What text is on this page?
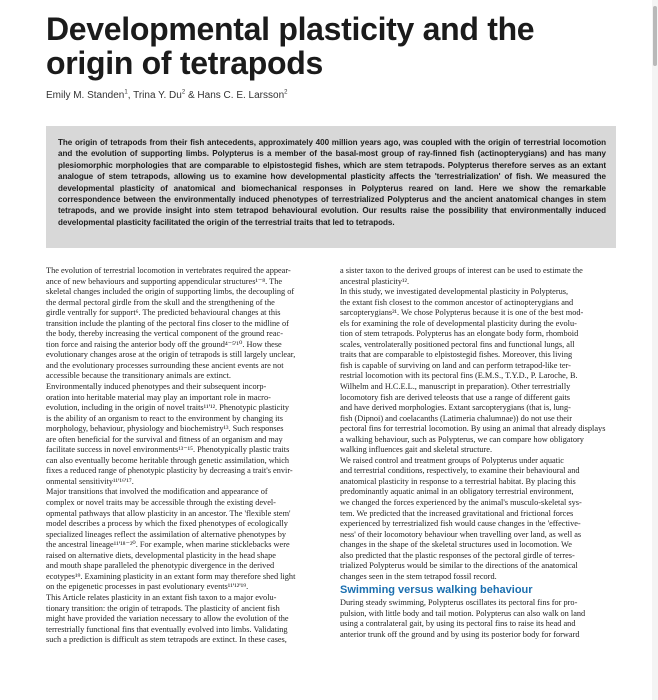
Developmental plasticity and the origin of tetrapods
Emily M. Standen$^1$, Trina Y. Du$^2$ & Hans C. E. Larsson$^2$

The origin of tetrapods from their fish antecedents, approximately 400 million years ago, was coupled with the origin of terrestrial locomotion and the evolution of supporting limbs. Polypterus is a member of the basal-most group of ray-finned fish (actinopterygians) and has many plesiomorphic morphologies that are comparable to elpistostegid fishes, which are stem tetrapods. Polypterus therefore serves as an extant analogue of stem tetrapods, allowing us to examine how developmental plasticity affects the 'terrestrialization' of fish. We measured the developmental plasticity of anatomical and biomechanical responses in Polypterus reared on land. Here we show the remarkable correspondence between the environmentally induced phenotypes of terrestrialized Polypterus and the ancient anatomical changes in stem tetrapods, and we provide insight into stem tetrapod behavioural evolution. Our results raise the possibility that environmentally induced developmental plasticity facilitated the origin of the terrestrial traits that led to tetrapods.

The evolution of terrestrial locomotion in vertebrates required the appear-
ance of new behaviours and supporting appendicular structures¹⁻⁸. The
skeletal changes included the origin of supporting limbs, the decoupling of
the dermal pectoral girdle from the skull and the strengthening of the
girdle ventrally for support⁶. The predicted behavioural changes at this
transition include the planting of the pectoral fins closer to the midline of
the body, thereby increasing the vertical component of the ground reac-
tion force and raising the anterior body off the ground⁴⁻⁵'¹⁰. How these
evolutionary changes arose at the origin of tetrapods is still largely unclear,
and the evolutionary processes surrounding these ancient events are not
accessible because the transitionary animals are extinct.
Environmentally induced phenotypes and their subsequent incorp-
oration into heritable material may play an important role in macro-
evolution, including in the origin of novel traits¹¹'¹². Phenotypic plasticity
is the ability of an organism to react to the environment by changing its
morphology, behaviour, physiology and biochemistry¹³. Such responses
are often beneficial for the survival and fitness of an organism and may
facilitate success in novel environments¹³⁻¹⁵. Phenotypically plastic traits
can also eventually become heritable through genetic assimilation, which
fixes a reduced range of phenotypic plasticity by decreasing a trait's envir-
onmental sensitivity¹¹'¹⁶'¹⁷.
Major transitions that involved the modification and appearance of
complex or novel traits may be accessible through the existing devel-
opmental pathways that allow plasticity in an ancestor. The 'flexible stem'
model describes a process by which the fixed phenotypes of ecologically
specialized lineages reflect the assimilation of alternative phenotypes by
the ancestral lineage¹¹'¹⁸⁻²⁰. For example, when marine sticklebacks were
raised on alternative diets, developmental plasticity in the head shape
and mouth shape paralleled the phenotypic divergence in the derived
ecotypes¹⁹. Examining plasticity in an extant form may therefore shed light
on the epigenetic processes in past evolutionary events¹¹'¹²'¹⁹.
This Article relates plasticity in an extant fish taxon to a major evolu-
tionary transition: the origin of tetrapods. The plasticity of ancient fish
might have provided the variation necessary to allow the evolution of the
terrestrially functional fins that eventually evolved into limbs. Validating
such a prediction is difficult as stem tetrapods are extinct. In these cases,
a sister taxon to the derived groups of interest can be used to estimate the
ancestral plasticity¹².
In this study, we investigated developmental plasticity in Polypterus,
the extant fish closest to the common ancestor of actinopterygians and
sarcopterygians²¹. We chose Polypterus because it is one of the best mod-
els for examining the role of developmental plasticity during the evolu-
tion of stem tetrapods. Polypterus has an elongate body form, rhomboid
scales, ventrolaterally positioned pectoral fins and functional lungs, all
traits that are comparable to elpistostegid fishes. Moreover, this living
fish is capable of surviving on land and can perform tetrapod-like ter-
restrial locomotion with its pectoral fins (E.M.S., T.Y.D., P. Laroche, B.
Wilhelm and H.C.E.L., manuscript in preparation). Other terrestrially
locomotory fish are derived teleosts that use a range of different gaits
and have derived morphologies. Extant sarcopterygians (that is, lung-
fish (Dipnoi) and coelacanths (Latimeria chalumnae)) do not use their
pectoral fins for terrestrial locomotion. By using an animal that already displays
a walking behaviour, such as Polypterus, we can compare how obligatory
walking influences gait and skeletal structure.
We raised control and treatment groups of Polypterus under aquatic
and terrestrial conditions, respectively, to examine their behavioural and
anatomical plasticity in response to a terrestrial habitat. By placing this
predominantly aquatic animal in an obligatory terrestrial environment,
we changed the forces experienced by the animal's musculo-skeletal sys-
tem. We predicted that the increased gravitational and frictional forces
experienced by terrestrialized fish would cause changes in the 'effective-
ness' of their locomotory behaviour when travelling over land, as well as
changes in the shape of the skeletal structures used in locomotion. We
also predicted that the plastic responses of the pectoral girdle of terres-
trialized Polypterus would be similar to the directions of the anatomical
changes seen in the stem tetrapod fossil record.
Swimming versus walking behaviour
During steady swimming, Polypterus oscillates its pectoral fins for pro-
pulsion, with little body and tail motion. Polypterus can also walk on land
using a contralateral gait, by using its pectoral fins to raise its head and
anterior trunk off the ground and by using its posterior body for forward
